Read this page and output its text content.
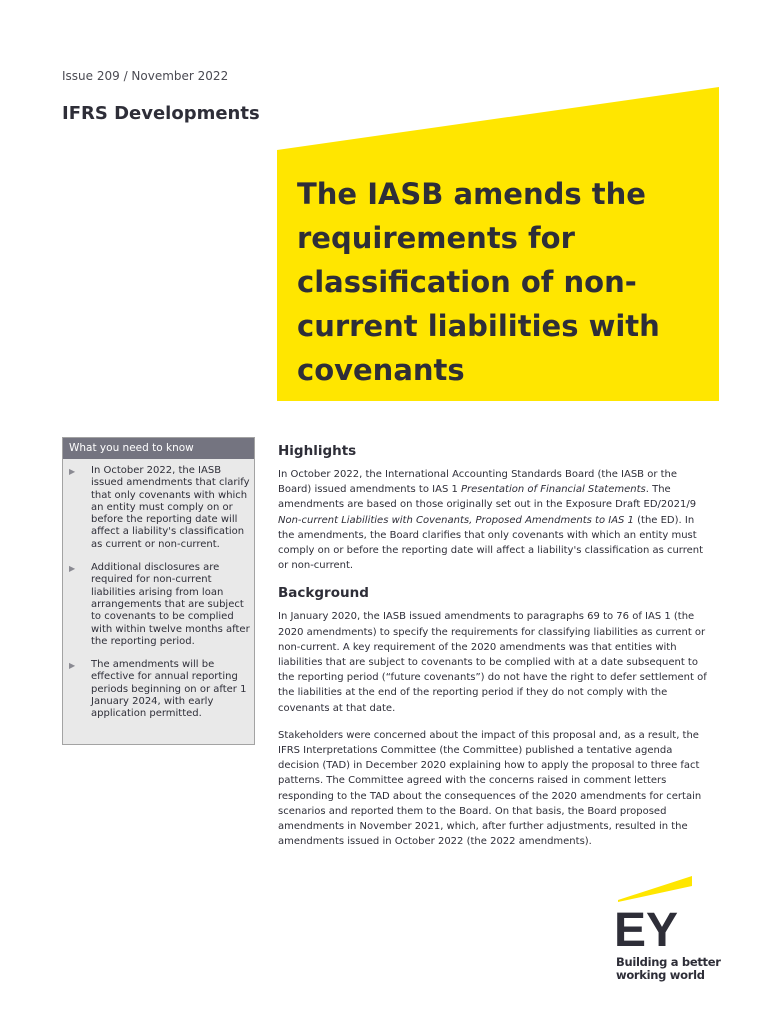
Issue 209 / November 2022
IFRS Developments
The IASB amends the requirements for classification of non-current liabilities with covenants
What you need to know
▶ In October 2022, the IASB issued amendments that clarify that only covenants with which an entity must comply on or before the reporting date will affect a liability's classification as current or non-current.
▶ Additional disclosures are required for non-current liabilities arising from loan arrangements that are subject to covenants to be complied with within twelve months after the reporting period.
▶ The amendments will be effective for annual reporting periods beginning on or after 1 January 2024, with early application permitted.
Highlights

In October 2022, the International Accounting Standards Board (the IASB or the Board) issued amendments to IAS 1 Presentation of Financial Statements. The amendments are based on those originally set out in the Exposure Draft ED/2021/9 Non-current Liabilities with Covenants, Proposed Amendments to IAS 1 (the ED). In the amendments, the Board clarifies that only covenants with which an entity must comply on or before the reporting date will affect a liability's classification as current or non-current.

Background

In January 2020, the IASB issued amendments to paragraphs 69 to 76 of IAS 1 (the 2020 amendments) to specify the requirements for classifying liabilities as current or non-current. A key requirement of the 2020 amendments was that entities with liabilities that are subject to covenants to be complied with at a date subsequent to the reporting period (“future covenants”) do not have the right to defer settlement of the liabilities at the end of the reporting period if they do not comply with the covenants at that date.

Stakeholders were concerned about the impact of this proposal and, as a result, the IFRS Interpretations Committee (the Committee) published a tentative agenda decision (TAD) in December 2020 explaining how to apply the proposal to three fact patterns. The Committee agreed with the concerns raised in comment letters responding to the TAD about the consequences of the 2020 amendments for certain scenarios and reported them to the Board. On that basis, the Board proposed amendments in November 2021, which, after further adjustments, resulted in the amendments issued in October 2022 (the 2022 amendments).

EY
Building a better
working world
